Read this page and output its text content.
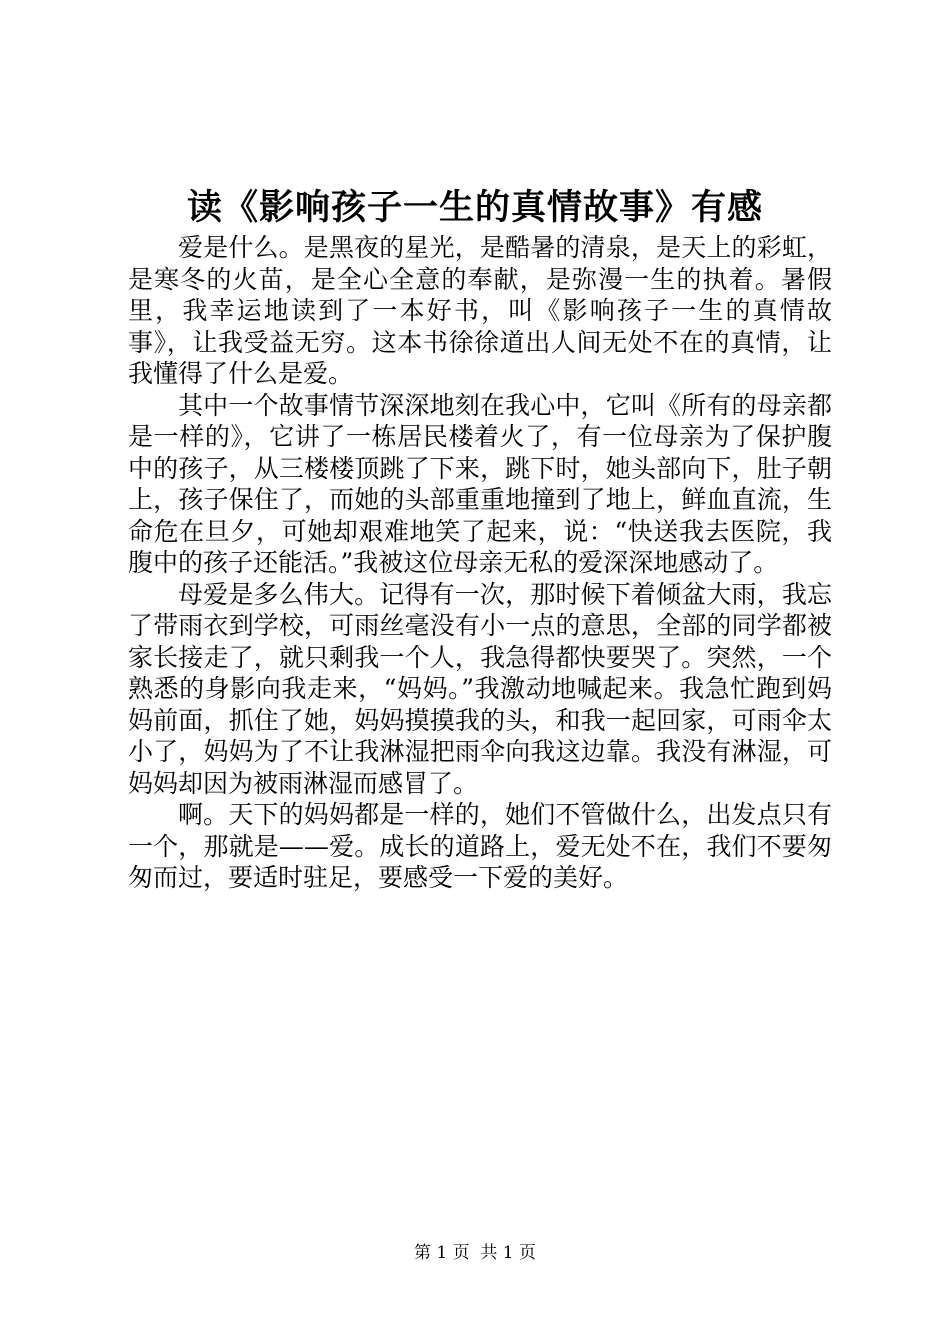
读《影响孩子一生的真情故事》有感

爱是什么。是黑夜的星光，是酷暑的清泉，是天上的彩虹，是寒冬的火苗，是全心全意的奉献，是弥漫一生的执着。暑假里，我幸运地读到了一本好书，叫《影响孩子一生的真情故事》，让我受益无穷。这本书徐徐道出人间无处不在的真情，让我懂得了什么是爱。

其中一个故事情节深深地刻在我心中，它叫《所有的母亲都是一样的》，它讲了一栋居民楼着火了，有一位母亲为了保护腹中的孩子，从三楼楼顶跳了下来，跳下时，她头部向下，肚子朝上，孩子保住了，而她的头部重重地撞到了地上，鲜血直流，生命危在旦夕，可她却艰难地笑了起来，说：“快送我去医院，我腹中的孩子还能活。”我被这位母亲无私的爱深深地感动了。

母爱是多么伟大。记得有一次，那时候下着倾盆大雨，我忘了带雨衣到学校，可雨丝毫没有小一点的意思，全部的同学都被家长接走了，就只剩我一个人，我急得都快要哭了。突然，一个熟悉的身影向我走来，“妈妈。”我激动地喊起来。我急忙跑到妈妈前面，抓住了她，妈妈摸摸我的头，和我一起回家，可雨伞太小了，妈妈为了不让我淋湿把雨伞向我这边靠。我没有淋湿，可妈妈却因为被雨淋湿而感冒了。

啊。天下的妈妈都是一样的，她们不管做什么，出发点只有一个，那就是——爱。成长的道路上，爱无处不在，我们不要匆匆而过，要适时驻足，要感受一下爱的美好。

第 1 页  共 1 页
